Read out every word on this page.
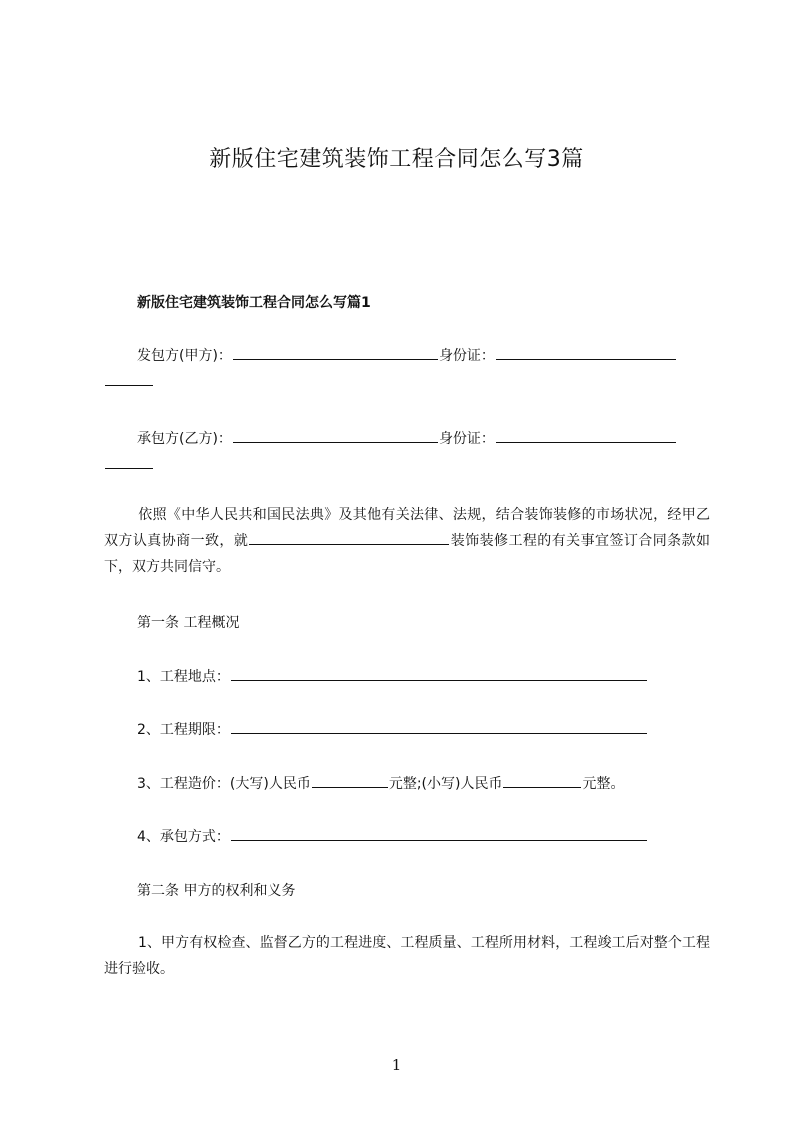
新版住宅建筑装饰工程合同怎么写3篇
新版住宅建筑装饰工程合同怎么写篇1
发包方(甲方)：	身份证：
承包方(乙方)：	身份证：
依照《中华人民共和国民法典》及其他有关法律、法规，结合装饰装修的市场状况，经甲乙双方认真协商一致，就	装饰装修工程的有关事宜签订合同条款如下，双方共同信守。
第一条 工程概况
1、工程地点：
2、工程期限：
3、工程造价：(大写)人民币	元整;(小写)人民币	元整。
4、承包方式：
第二条 甲方的权利和义务
1、甲方有权检查、监督乙方的工程进度、工程质量、工程所用材料，工程竣工后对整个工程进行验收。
1
